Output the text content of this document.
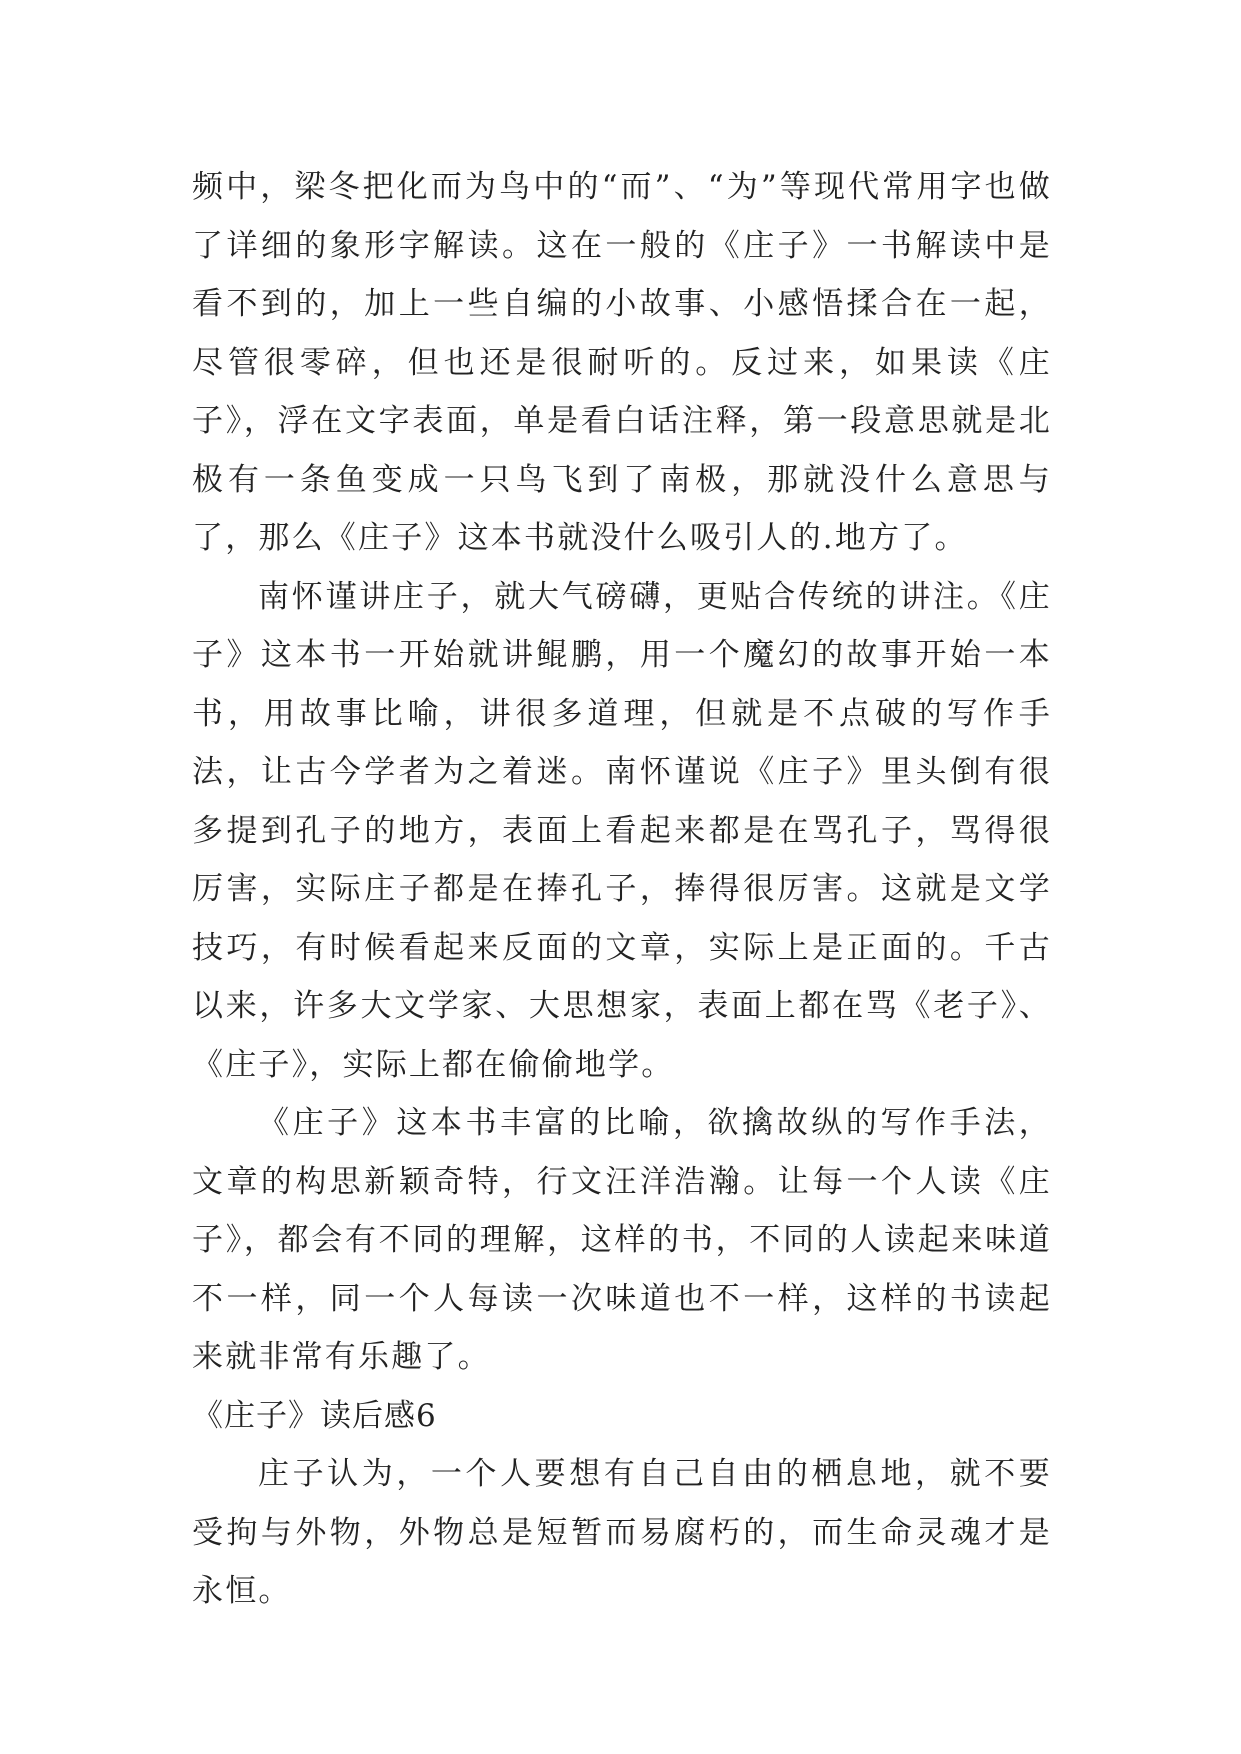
频中，梁冬把化而为鸟中的“而”、“为”等现代常用字也做了详细的象形字解读。这在一般的《庄子》一书解读中是看不到的，加上一些自编的小故事、小感悟揉合在一起，尽管很零碎，但也还是很耐听的。反过来，如果读《庄子》，浮在文字表面，单是看白话注释，第一段意思就是北极有一条鱼变成一只鸟飞到了南极，那就没什么意思与了，那么《庄子》这本书就没什么吸引人的.地方了。

南怀谨讲庄子，就大气磅礴，更贴合传统的讲注。《庄子》这本书一开始就讲鲲鹏，用一个魔幻的故事开始一本书，用故事比喻，讲很多道理，但就是不点破的写作手法，让古今学者为之着迷。南怀谨说《庄子》里头倒有很多提到孔子的地方，表面上看起来都是在骂孔子，骂得很厉害，实际庄子都是在捧孔子，捧得很厉害。这就是文学技巧，有时候看起来反面的文章，实际上是正面的。千古以来，许多大文学家、大思想家，表面上都在骂《老子》、《庄子》，实际上都在偷偷地学。

《庄子》这本书丰富的比喻，欲擒故纵的写作手法，文章的构思新颖奇特，行文汪洋浩瀚。让每一个人读《庄子》，都会有不同的理解，这样的书，不同的人读起来味道不一样，同一个人每读一次味道也不一样，这样的书读起来就非常有乐趣了。

《庄子》读后感6

庄子认为，一个人要想有自己自由的栖息地，就不要受拘与外物，外物总是短暂而易腐朽的，而生命灵魂才是永恒。
